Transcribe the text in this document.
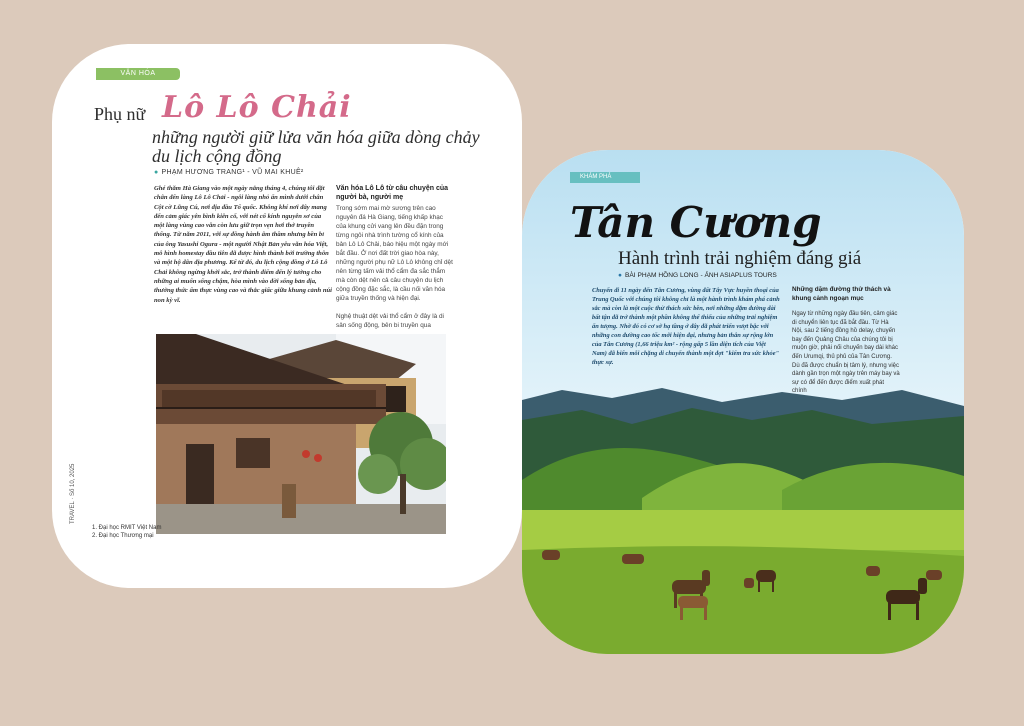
VĂN HÓA
Phụ nữ Lô Lô Chải
những người giữ lửa văn hóa giữa dòng chảy du lịch cộng đồng
● PHẠM HƯƠNG TRANG¹ - VŨ MAI KHUÊ²
Ghé thăm Hà Giang vào một ngày nắng tháng 4, chúng tôi đặt chân đến làng Lô Lô Chải - ngôi làng nhỏ ẩn mình dưới chân Cột cờ Lũng Cú, nơi địa đầu Tổ quốc. Không khí nơi đây mang đến cảm giác yên bình kiên cố, với nét cổ kính nguyên sơ của một làng vùng cao vẫn còn lưu giữ trọn vẹn hơi thở truyền thống. Từ năm 2011, với sự đồng hành âm thầm nhưng bền bỉ của ông Yasushi Ogura - một người Nhật Bản yêu văn hóa Việt, mô hình homestay đầu tiên đã được hình thành bởi trường thôn và một hộ dân địa phương. Kể từ đó, du lịch cộng đồng ở Lô Lô Chải không ngừng khởi sắc, trở thành điểm đến lý tưởng cho những ai muốn sống chậm, hòa mình vào đời sống bản địa, thưởng thức ẩm thực vùng cao và thắc giấc giữa khung cảnh núi non kỳ vĩ.
Văn hóa Lô Lô từ câu chuyện của người bà, người mẹ
Trong sớm mai mờ sương trên cao nguyên đá Hà Giang, tiếng khấp khạc của khung cửi vang lên đều đặn trong từng ngôi nhà trình tường cổ kính của bản Lô Lô Chải, báo hiệu một ngày mới bắt đầu. Ở nơi đất trời giao hòa này, những người phụ nữ Lô Lô không chỉ dệt nên từng tấm vải thổ cẩm đa sắc thắm mà còn dệt nên cả câu chuyện du lịch cộng đồng đặc sắc, là cầu nối văn hóa giữa truyền thống và hiện đại.

Nghệ thuật dệt vải thổ cẩm ở đây là di sản sống động, bên bi truyền qua
TRAVEL · Số 10, 2025
1. Đại học RMIT Việt Nam
2. Đại học Thương mại
KHÁM PHÁ
Tân Cương
Hành trình trải nghiệm đáng giá
● BÀI PHẠM HỒNG LONG - ẢNH ASIAPLUS TOURS
Chuyến đi 11 ngày đến Tân Cương, vùng đất Tây Vực huyền thoại của Trung Quốc với chúng tôi không chỉ là một hành trình khám phá cảnh sắc mà còn là một cuộc thử thách sức bền, nơi những dặm đường dài bất tận đã trở thành một phần không thể thiếu của những trải nghiệm ấn tượng. Nhờ đó có cơ sở hạ tầng ở đây đã phát triển vượt bậc với những con đường cao tốc mới hiện đại, nhưng bản thân sự rộng lớn của Tân Cương (1,66 triệu km² - rộng gấp 5 lần diện tích của Việt Nam) đã biến mỗi chặng di chuyển thành một đợt "kiểm tra sức khỏe" thực sự.
Những dặm đường thử thách và khung cảnh ngoạn mục
Ngay từ những ngày đầu tiên, cảm giác di chuyển liên tục đã bắt đầu. Từ Hà Nội, sau 2 tiếng đồng hồ delay, chuyến bay đến Quảng Châu của chúng tôi bị muộn giờ, phải nối chuyến bay dài khác đến Urumqi, thủ phủ của Tân Cương. Dù đã được chuẩn bị tâm lý, nhưng việc dành gần trọn một ngày trên máy bay và sự có để đến được điểm xuất phát chính
